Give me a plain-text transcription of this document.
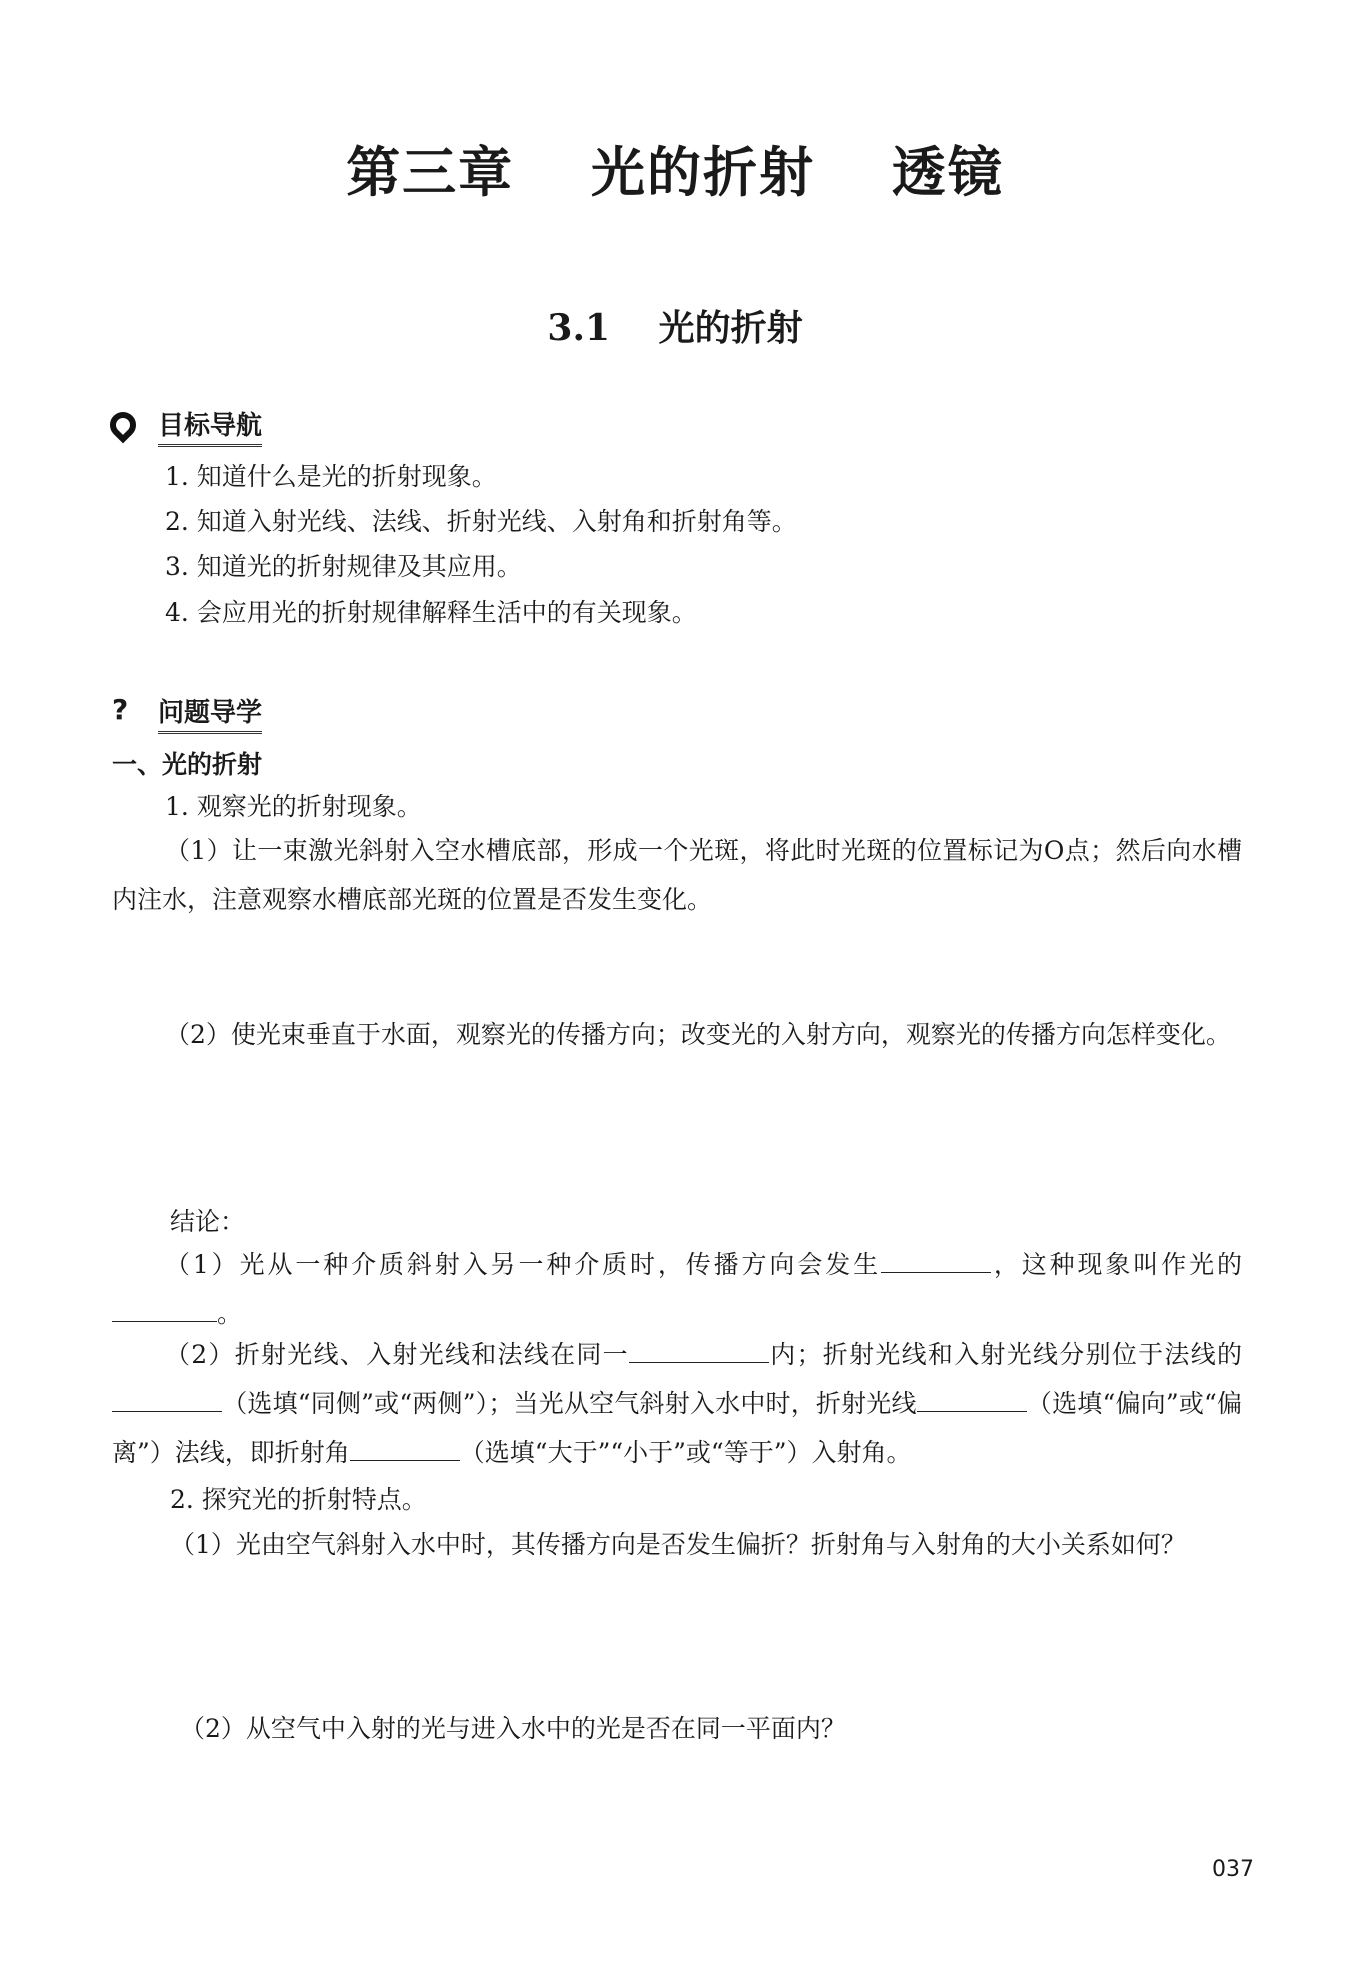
第三章　 光的折射　 透镜
3.1　 光的折射
目标导航
1. 知道什么是光的折射现象。
2. 知道入射光线、法线、折射光线、入射角和折射角等。
3. 知道光的折射规律及其应用。
4. 会应用光的折射规律解释生活中的有关现象。
? 问题导学
一、光的折射
1. 观察光的折射现象。
（1）让一束激光斜射入空水槽底部，形成一个光斑，将此时光斑的位置标记为O点；然后向水槽内注水，注意观察水槽底部光斑的位置是否发生变化。
（2）使光束垂直于水面，观察光的传播方向；改变光的入射方向，观察光的传播方向怎样变化。
结论：
（1）光从一种介质斜射入另一种介质时，传播方向会发生	，这种现象叫作光的。
（2）折射光线、入射光线和法线在同一	内；折射光线和入射光线分别位于法线的（选填“同侧”或“两侧”）；当光从空气斜射入水中时，折射光线	（选填“偏向”或“偏离”）法线，即折射角	（选填“大于”“小于”或“等于”）入射角。
2. 探究光的折射特点。
（1）光由空气斜射入水中时，其传播方向是否发生偏折？折射角与入射角的大小关系如何？
（2）从空气中入射的光与进入水中的光是否在同一平面内？
037
